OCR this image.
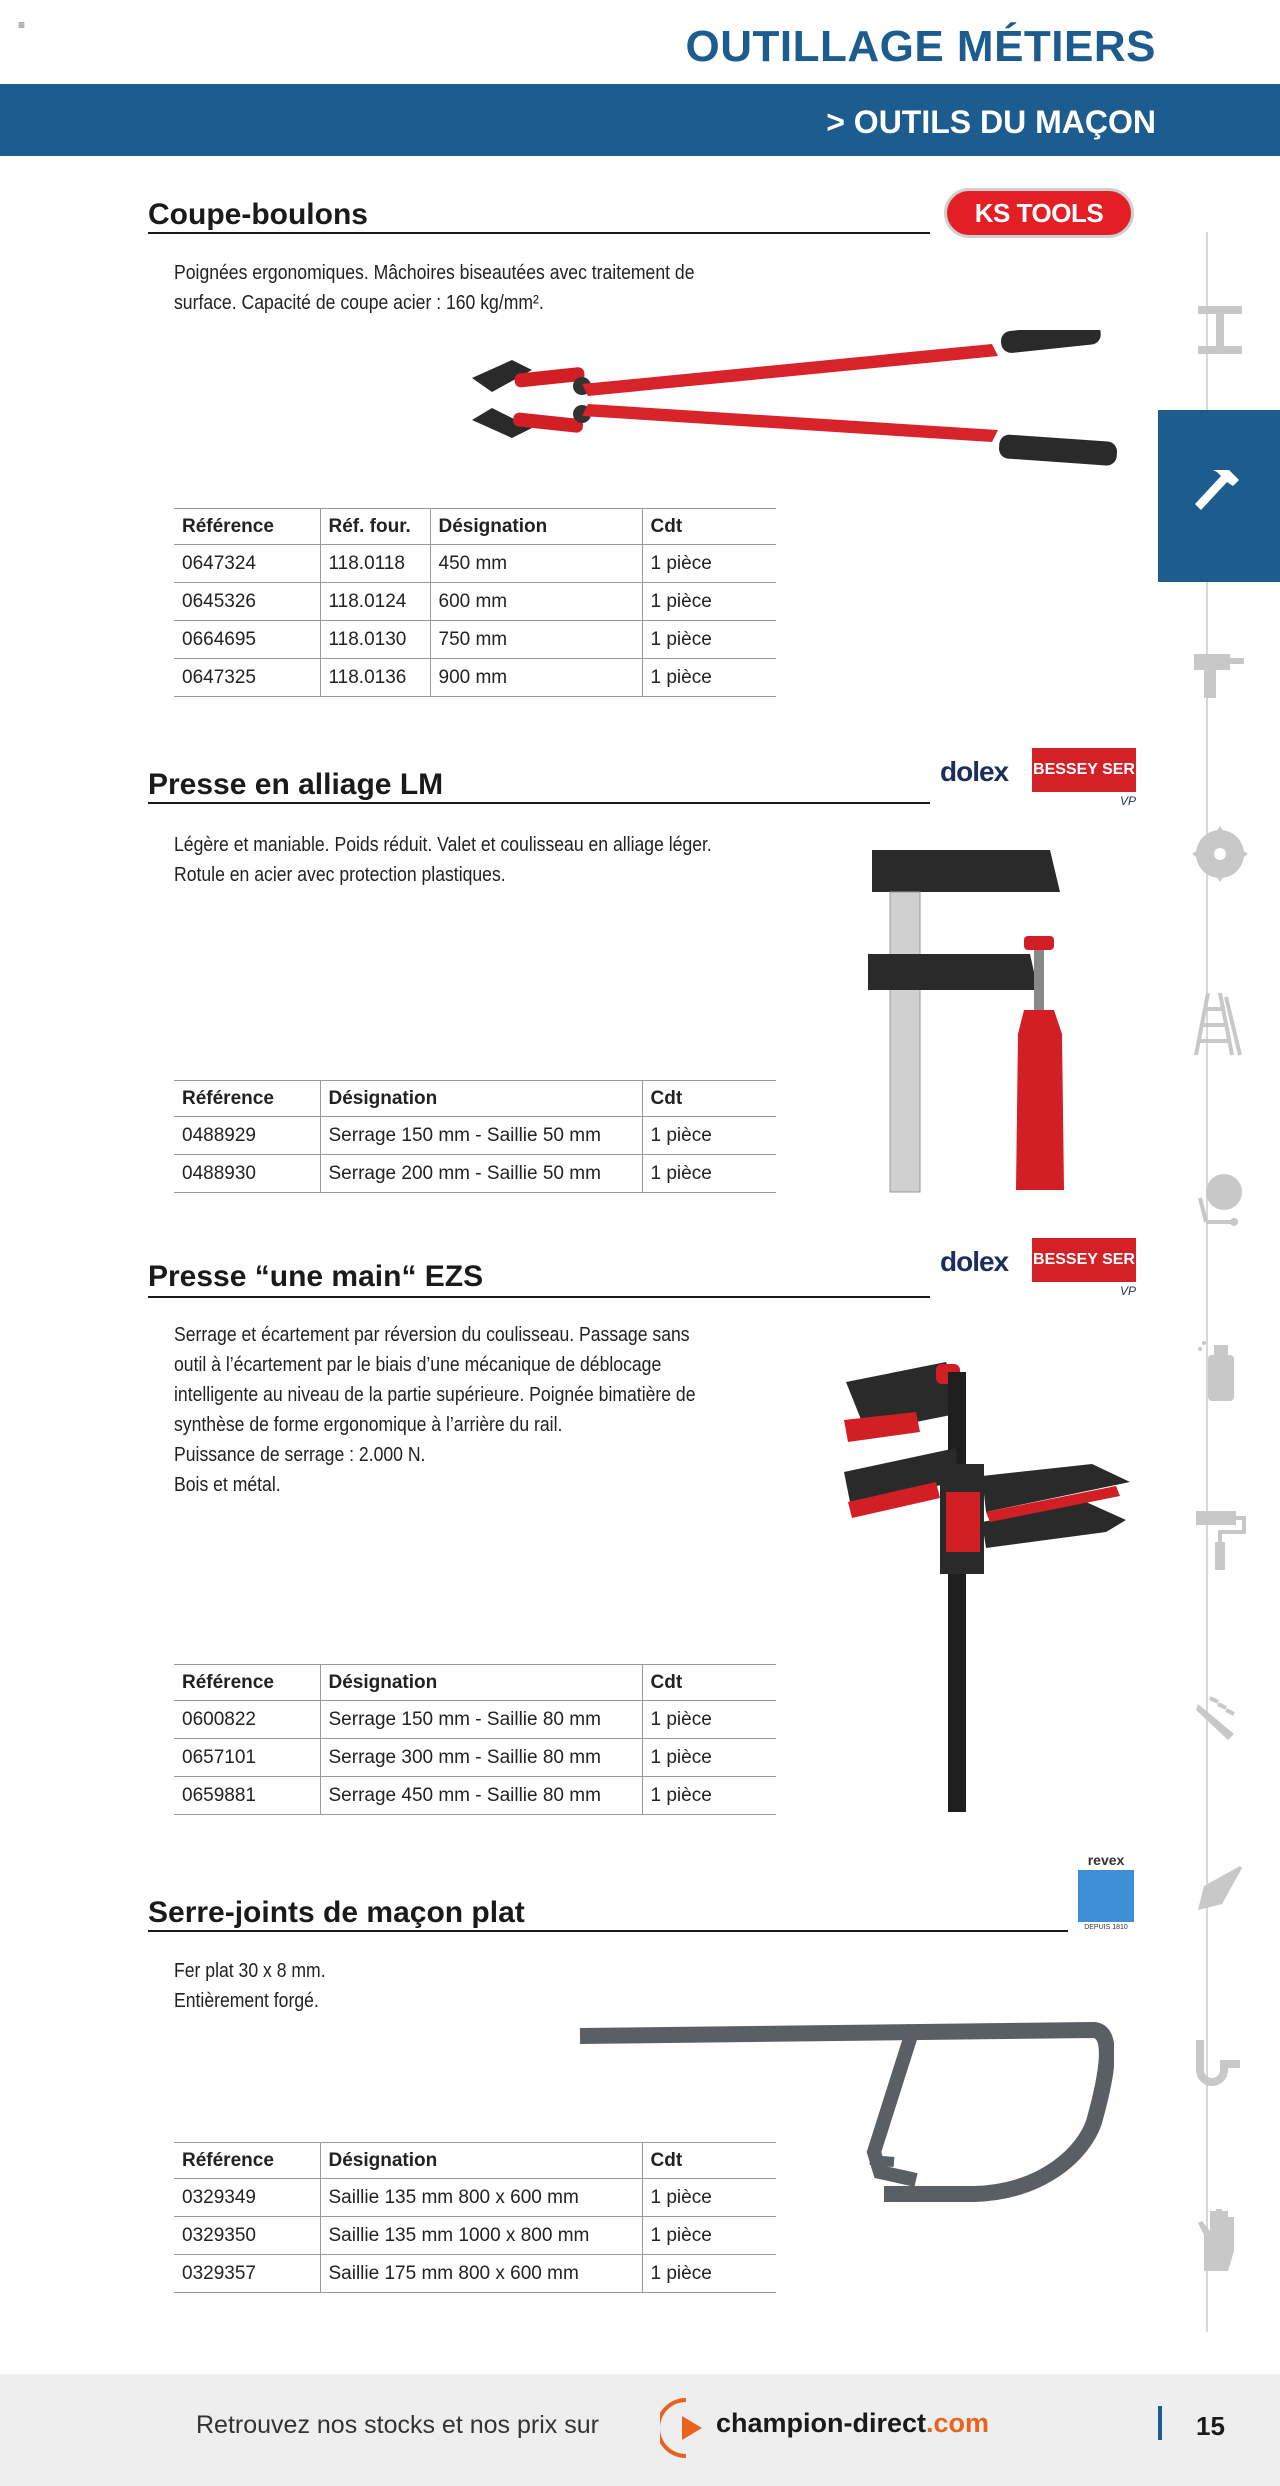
≡	OUTILLAGE MÉTIERS
> OUTILS DU MAÇON
Coupe-boulons	KS TOOLS

Poignées ergonomiques. Mâchoires biseautées avec traitement de

surface. Capacité de coupe acier : 160 kg/mm².

Référence	Réf. four.	Désignation	Cdt
0647324	118.0118	450 mm	1 pièce
0645326	118.0124	600 mm	1 pièce
0664695	118.0130	750 mm	1 pièce
0647325	118.0136	900 mm	1 pièce
Presse en alliage LM	dolex BESSEY SER
VP

Légère et maniable. Poids réduit. Valet et coulisseau en alliage léger.

Rotule en acier avec protection plastiques.

Référence	Désignation	Cdt
0488929	Serrage 150 mm - Saillie 50 mm	1 pièce
0488930	Serrage 200 mm - Saillie 50 mm	1 pièce
Presse “une main“ EZS	dolex BESSEY SER
VP

Serrage et écartement par réversion du coulisseau. Passage sans

outil à l’écartement par le biais d’une mécanique de déblocage

intelligente au niveau de la partie supérieure. Poignée bimatière de

synthèse de forme ergonomique à l’arrière du rail.

Puissance de serrage : 2.000 N.

Bois et métal.

Référence	Désignation	Cdt
0600822	Serrage 150 mm - Saillie 80 mm	1 pièce
0657101	Serrage 300 mm - Saillie 80 mm	1 pièce
0659881	Serrage 450 mm - Saillie 80 mm	1 pièce
Serre-joints de maçon plat
revex
DEPUIS 1810

Fer plat 30 x 8 mm.

Entièrement forgé.

Référence	Désignation	Cdt
0329349	Saillie 135 mm 800 x 600 mm	1 pièce
0329350	Saillie 135 mm 1000 x 800 mm	1 pièce
0329357	Saillie 175 mm 800 x 600 mm	1 pièce
Retrouvez nos stocks et nos prix sur	champion-direct.com	15
